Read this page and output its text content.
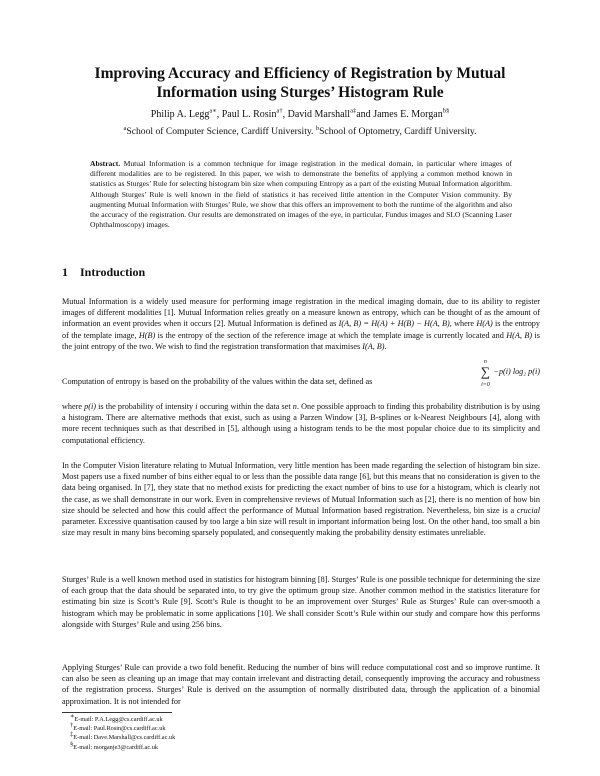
Improving Accuracy and Efficiency of Registration by Mutual Information using Sturges’ Histogram Rule
Philip A. Legg$^{a∗}$, Paul L. Rosin$^{a\dagger}$, David Marshall$^{a\ddagger}$and James E. Morgan$^{b\S}$
$^a$School of Computer Science, Cardiff University. $^b$School of Optometry, Cardiff University.
Abstract. Mutual Information is a common technique for image registration in the medical domain, in particular where images of different modalities are to be registered. In this paper, we wish to demonstrate the benefits of applying a common method known in statistics as Sturges’ Rule for selecting histogram bin size when computing Entropy as a part of the existing Mutual Information algorithm. Although Sturges’ Rule is well known in the field of statistics it has received little attention in the Computer Vision community. By augmenting Mutual Information with Sturges’ Rule, we show that this offers an improvement to both the runtime of the algorithm and also the accuracy of the registration. Our results are demonstrated on images of the eye, in particular, Fundus images and SLO (Scanning Laser Ophthalmoscopy) images.
1 Introduction
Mutual Information is a widely used measure for performing image registration in the medical imaging domain, due to its ability to register images of different modalities [1]. Mutual Information relies greatly on a measure known as entropy, which can be thought of as the amount of information an event provides when it occurs [2]. Mutual Information is defined as I(A, B) = H(A) + H(B) − H(A, B), where H(A) is the entropy of the template image, H(B) is the entropy of the section of the reference image at which the template image is currently located and H(A, B) is the joint entropy of the two. We wish to find the registration transformation that maximises I(A, B).
Computation of entropy is based on the probability of the values within the data set, defined as
n
∑
i=0
−p(i) log₂ p(i)
where p(i) is the probability of intensity i occuring within the data set n. One possible approach to finding this probability distribution is by using a histogram. There are alternative methods that exist, such as using a Parzen Window [3], B-splines or k-Nearest Neighbours [4], along with more recent techniques such as that described in [5], although using a histogram tends to be the most popular choice due to its simplicity and computational efficiency.
In the Computer Vision literature relating to Mutual Information, very little mention has been made regarding the selection of histogram bin size. Most papers use a fixed number of bins either equal to or less than the possible data range [6], but this means that no consideration is given to the data being organised. In [7], they state that no method exists for predicting the exact number of bins to use for a histogram, which is clearly not the case, as we shall demonstrate in our work. Even in comprehensive reviews of Mutual Information such as [2], there is no mention of how bin size should be selected and how this could affect the performance of Mutual Information based registration. Nevertheless, bin size is a crucial parameter. Excessive quantisation caused by too large a bin size will result in important information being lost. On the other hand, too small a bin size may result in many bins becoming sparsely populated, and consequently making the probability density estimates unreliable.
Sturges’ Rule is a well known method used in statistics for histogram binning [8]. Sturges’ Rule is one possible technique for determining the size of each group that the data should be separated into, to try give the optimum group size. Another common method in the statistics literature for estimating bin size is Scott’s Rule [9]. Scott’s Rule is thought to be an improvement over Sturges’ Rule as Sturges’ Rule can over-smooth a histogram which may be problematic in some applications [10]. We shall consider Scott’s Rule within our study and compare how this performs alongside with Sturges’ Rule and using 256 bins.
Applying Sturges’ Rule can provide a two fold benefit. Reducing the number of bins will reduce computational cost and so improve runtime. It can also be seen as cleaning up an image that may contain irrelevant and distracting detail, consequently improving the accuracy and robustness of the registration process. Sturges’ Rule is derived on the assumption of normally distributed data, through the application of a binomial approximation. It is not intended for
∗E-mail: P.A.Legg@cs.cardiff.ac.uk
†E-mail: Paul.Rosin@cs.cardiff.ac.uk
‡E-mail: Dave.Marshall@cs.cardiff.ac.uk
§E-mail: morganje3@cardiff.ac.uk
